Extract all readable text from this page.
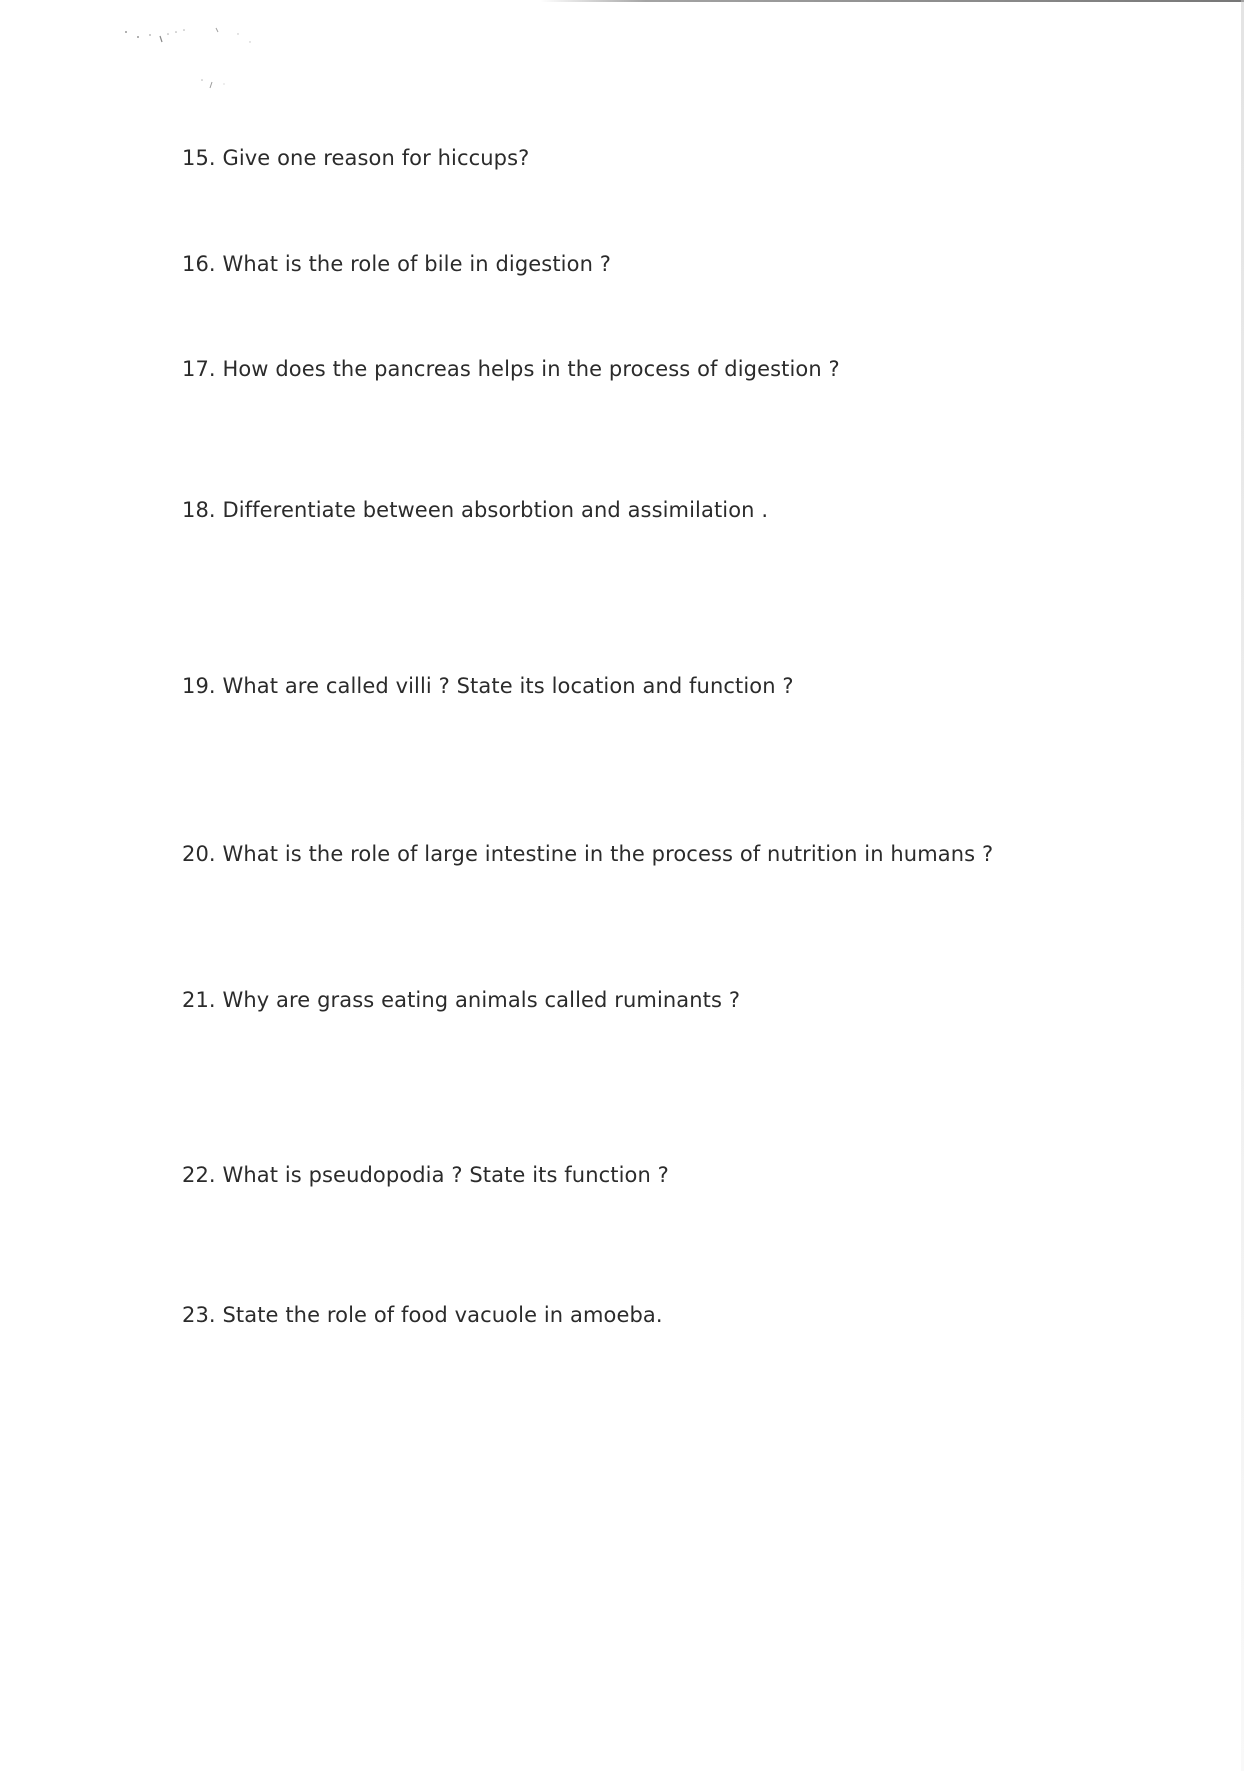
15. Give one reason for hiccups?

16. What is the role of bile in digestion ?

17. How does the pancreas helps in the process of digestion ?

18. Differentiate between absorbtion and assimilation .

19. What are called villi ? State its location and function ?

20. What is the role of large intestine in the process of nutrition in humans ?

21. Why are grass eating animals called ruminants ?

22. What is pseudopodia ? State its function ?

23. State the role of food vacuole in amoeba.
